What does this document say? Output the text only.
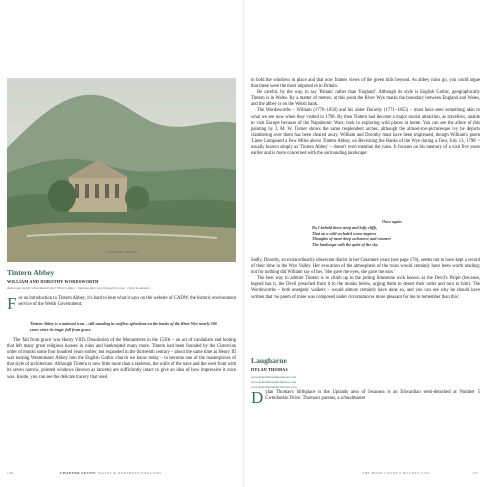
TINTERN ABBEY
Tintern Abbey
WILLIAM AND DOROTHY WORDSWORTH
Aedan quo melior virtus placuit inter Tintern abbey · Opening days says through the year · check in advance
F or an introduction to Tintern Abbey, it's hard to beat what it says on the website of CADW, the historic environment service of the Welsh Government:
Tintern Abbey is a national icon – still standing in roofless splendour on the banks of the River Wye nearly 500 years since its tragic fall from grace.

The 'fall from grace' was Henry VIII's Dissolution of the Monasteries in the 1530s – an act of vandalism and looting that left many great religious houses in ruins and bankrupted many more. Tintern had been founded by the Cistercian order of monks some four hundred years earlier, but expanded in the thirteenth century – about the same time as Henry III was turning Westminster Abbey into the English Gothic church we know today – to become one of the masterpieces of that style of architecture. Although Tintern is now little more than a skeleton, the walls of the nave and the west front with its seven narrow, pointed windows (known as lancets) are sufficiently intact to give an idea of how impressive it once was. Inside, you can see the delicate tracery that used

186	CHAPTER SEVEN: WALES & NORTHERN ENGLAND

to hold the windows in place and that now frames views of the green hills beyond. As abbey ruins go, you could argue that these were the most impressive in Britain.

Be careful, by the way, to say 'Britain' rather than 'England'. Although its style is English Gothic, geographically Tintern is in Wales. By a matter of metres: at this point the River Wye marks the boundary between England and Wales, and the abbey is on the Welsh bank.

The Wordsworths – William (1770–1850) and his sister Dorothy (1771–1855) – must have seen something akin to what we see now when they visited in 1798. By then Tintern had become a major tourist attraction, as travellers, unable to visit Europe because of the Napoleonic Wars, took to exploring wild places at home. You can see the allure of this painting by J. M. W. Turner shows the same resplendent arches, although the almost-too-picturesque ivy he depicts clambering over them has been cleared away. William and Dorothy must have been impressed, though William's poem 'Lines Composed a Few Miles above Tintern Abbey, on Revisiting the Banks of the Wye during a Tour, July 13, 1798' – usually known simply as 'Tintern Abbey' – doesn't even mention the ruins. It focuses on his memory of a visit five years earlier and is more concerned with the surrounding landscape:

Once again
Do I behold these steep and lofty cliffs,
That on a wild secluded scene impress
Thoughts of more deep seclusion; and connect
The landscape with the quiet of the sky.

Sadly, Dorothy, an extraordinarily observant diarist in her Grasmere years (see page 176), seems not to have kept a record of their time in the Wye Valley. Her evocation of the atmosphere of the ruins would certainly have been worth reading; not for nothing did William say of her, 'She gave me eyes, she gave me ears.'

The best way to admire Tintern is to climb up to the jutting limestone rock known as the Devil's Pulpit (because, legend has it, the Devil preached from it to the monks below, urging them to desert their order and turn to him). The Wordsworths – both energetic walkers – would almost certainly have done so, and you can see why he should have written that 'no poem of mine was composed under circumstances more pleasant for me to remember than this'.

Laugharne
DYLAN THOMAS
www.dylanthomasboathouse.com
www.dylanthomasbirthplace.com
www.dylanthomasbirthhouse.com
D ylan Thomas's birthplace is the Uplands area of Swansea is an Edwardian semi-detached at Number 5 Cwmdonkin Drive. Thomas's parents, a schoolmaster
THE BOOK LOVER'S BUCKET LIST	187
